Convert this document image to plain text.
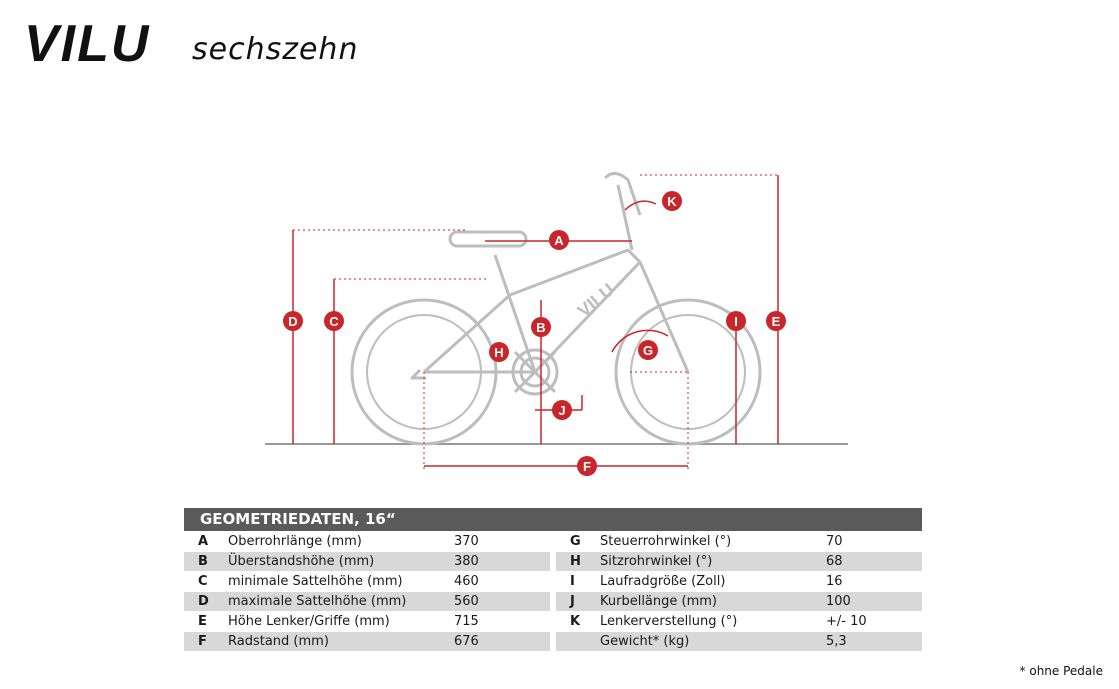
VILU sechszehn
VILU
A
B
C
D	E
F
G
H
I
J
K
GEOMETRIEDATEN, 16“
A	Oberrohrlänge (mm)	370
B	Überstandshöhe (mm)	380
C	minimale Sattelhöhe (mm)	460
D	maximale Sattelhöhe (mm)	560
E	Höhe Lenker/Griffe (mm)	715
F	Radstand (mm)	676
G	Steuerrohrwinkel (°)	70
H	Sitzrohrwinkel (°)	68
I	Laufradgröße (Zoll)	16
J	Kurbellänge (mm)	100
K	Lenkerverstellung (°)	+/- 10
Gewicht* (kg)	5,3
* ohne Pedale
